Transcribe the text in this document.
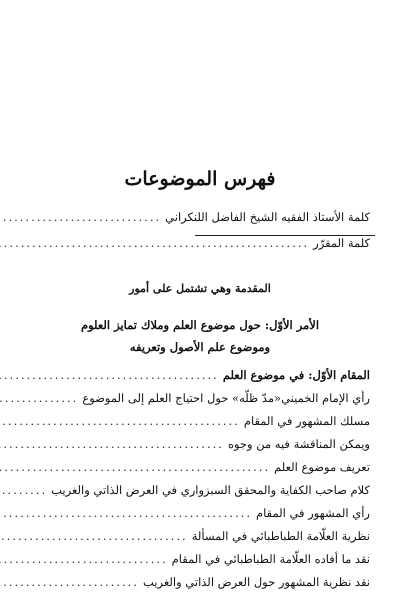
فهرس الموضوعات
كلمة الأستاذ الفقيه الشيخ الفاضل اللنكراني
.....
كلمة المقرّر
.....
المقدمة وهي تشتمل على أمور
الأمر الأوّل: حول موضوع العلم وملاك تمايز العلوم
وموضوع علم الأصول وتعريفه
المقام الأوّل: في موضوع العلم
.....
رأي الإمام الخميني«مدّ ظلّه» حول احتياج العلم إلى الموضوع
.....
مسلك المشهور في المقام
.....
ويمكن المناقشة فيه من وجوه
.....
تعريف موضوع العلم
.....
كلام صاحب الكفاية والمحقق السبزواري في العرض الذاتي والغريب
.....
رأي المشهور في المقام
.....
نظرية العلّامة الطباطبائي في المسألة
.....
نقد ما أفاده العلّامة الطباطبائي في المقام
.....
نقد نظرية المشهور حول العرض الذاتي والغريب
.....
